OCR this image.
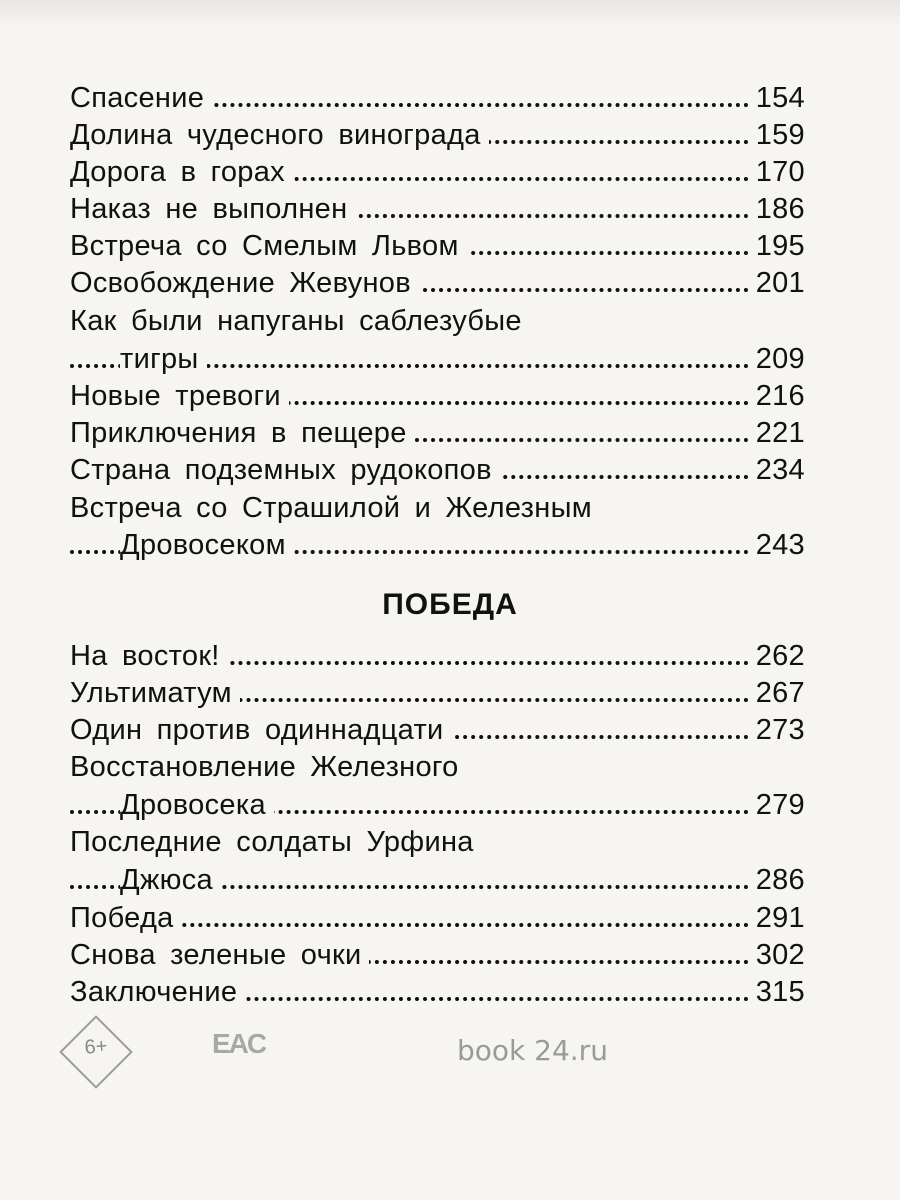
Спасение	154
Долина чудесного винограда	159
Дорога в горах	170
Наказ не выполнен	186
Встреча со Смелым Львом	195
Освобождение Жевунов	201
Как были напуганы саблезубые
тигры	209
Новые тревоги	216
Приключения в пещере	221
Страна подземных рудокопов	234
Встреча со Страшилой и Железным
Дровосеком	243
ПОБЕДА
На восток!	262
Ультиматум	267
Один против одиннадцати	273
Восстановление Железного
Дровосека	279
Последние солдаты Урфина
Джюса	286
Победа	291
Снова зеленые очки	302
Заключение	315
6+	EAC	book 24.ru
